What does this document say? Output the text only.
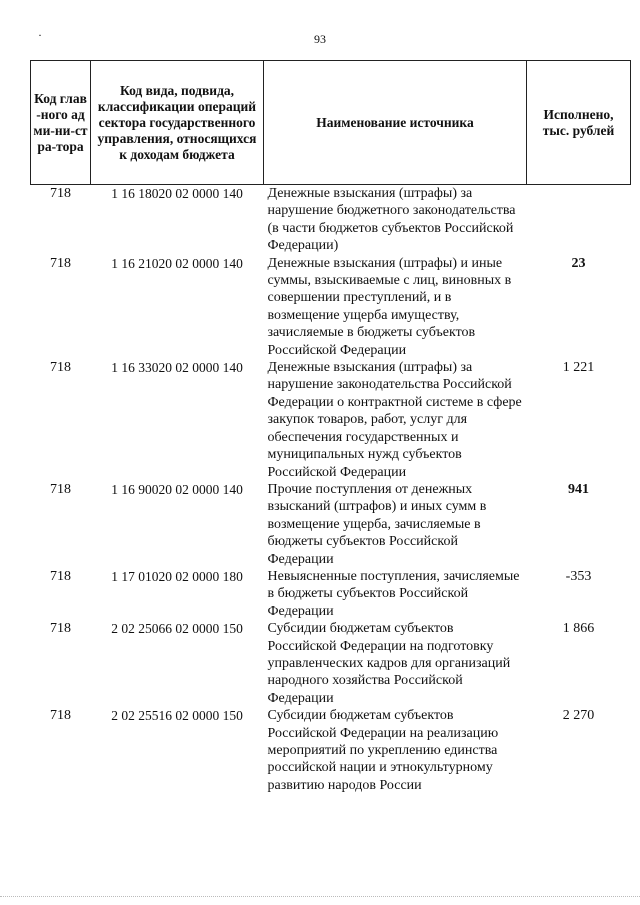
93
·
Код глав-ного адми-ни-стра-тора	Код вида, подвида, классификации операций сектора государственного управления, относящихся к доходам бюджета	Наименование источника	Исполнено, тыс. рублей
718	1 16 18020 02 0000 140	Денежные взыскания (штрафы) за нарушение бюджетного законодательства (в части бюджетов субъектов Российской Федерации)	
718	1 16 21020 02 0000 140	Денежные взыскания (штрафы) и иные суммы, взыскиваемые с лиц, виновных в совершении преступлений, и в возмещение ущерба имуществу, зачисляемые в бюджеты субъектов Российской Федерации	23
718	1 16 33020 02 0000 140	Денежные взыскания (штрафы) за нарушение законодательства Российской Федерации о контрактной системе в сфере закупок товаров, работ, услуг для обеспечения государственных и муниципальных нужд субъектов Российской Федерации	1 221
718	1 16 90020 02 0000 140	Прочие поступления от денежных взысканий (штрафов) и иных сумм в возмещение ущерба, зачисляемые в бюджеты субъектов Российской Федерации	941
718	1 17 01020 02 0000 180	Невыясненные поступления, зачисляемые в бюджеты субъектов Российской Федерации	-353
718	2 02 25066 02 0000 150	Субсидии бюджетам субъектов Российской Федерации на подготовку управленческих кадров для организаций народного хозяйства Российской Федерации	1 866
718	2 02 25516 02 0000 150	Субсидии бюджетам субъектов Российской Федерации на реализацию мероприятий по укреплению единства российской нации и этнокультурному развитию народов России	2 270
